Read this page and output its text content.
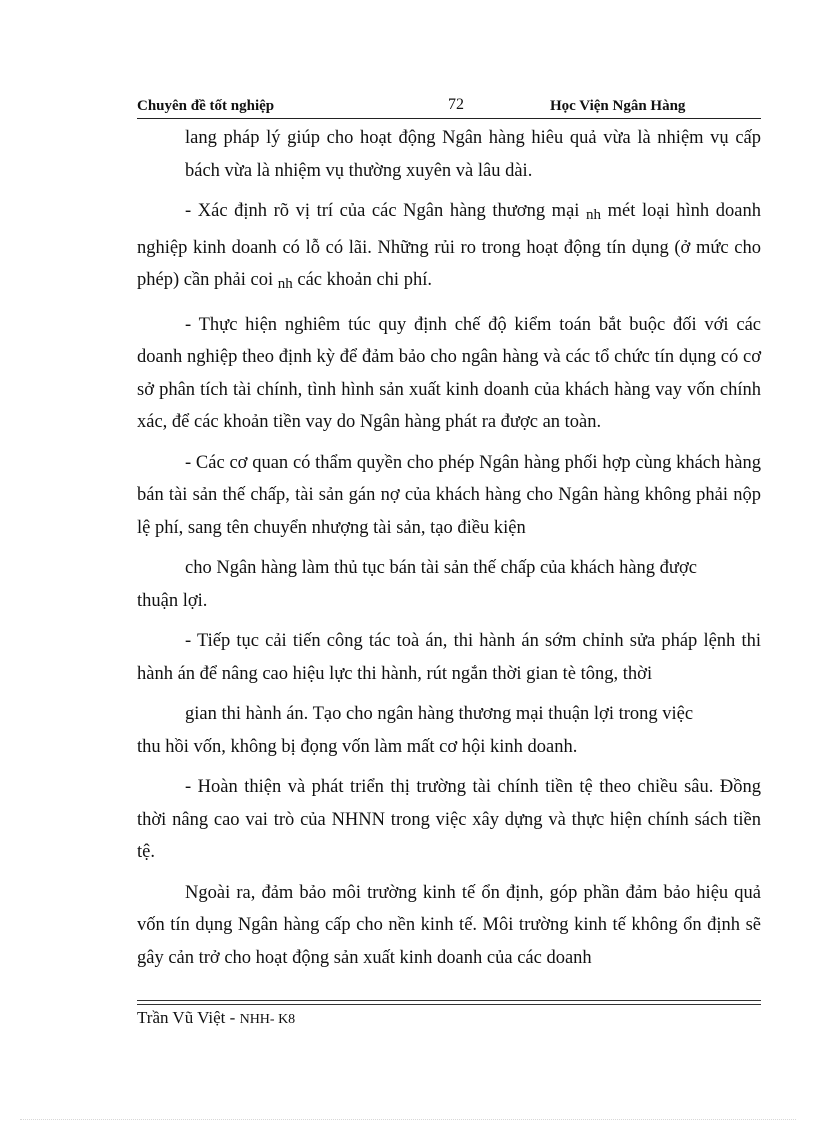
Chuyên đề tốt nghiệp	72	Học Viện Ngân Hàng

lang pháp lý giúp cho hoạt động Ngân hàng hiêu quả vừa là nhiệm vụ cấp bách vừa là nhiệm vụ thường xuyên và lâu dài.

- Xác định rõ vị trí của các Ngân hàng thương mại nh mét loại hình doanh nghiệp kinh doanh có lỗ có lãi. Những rủi ro trong hoạt động tín dụng (ở mức cho phép) cần phải coi nh các khoản chi phí.

- Thực hiện nghiêm túc quy định chế độ kiểm toán bắt buộc đối với các doanh nghiệp theo định kỳ để đảm bảo cho ngân hàng và các tổ chức tín dụng có cơ sở phân tích tài chính, tình hình sản xuất kinh doanh của khách hàng vay vốn chính xác, để các khoản tiền vay do Ngân hàng phát ra được an toàn.

- Các cơ quan có thẩm quyền cho phép Ngân hàng phối hợp cùng khách hàng bán tài sản thế chấp, tài sản gán nợ của khách hàng cho Ngân hàng không phải nộp lệ phí, sang tên chuyển nhượng tài sản, tạo điều kiện

cho Ngân hàng làm thủ tục bán tài sản thế chấp của khách hàng được

thuận lợi.

- Tiếp tục cải tiến công tác toà án, thi hành án sớm chỉnh sửa pháp lệnh thi hành án để nâng cao hiệu lực thi hành, rút ngắn thời gian tè tông, thời

gian thi hành án. Tạo cho ngân hàng thương mại thuận lợi trong việc

thu hồi vốn, không bị đọng vốn làm mất cơ hội kinh doanh.

- Hoàn thiện và phát triển thị trường tài chính tiền tệ theo chiều sâu. Đồng thời nâng cao vai trò của NHNN trong việc xây dựng và thực hiện chính sách tiền tệ.

Ngoài ra, đảm bảo môi trường kinh tế ổn định, góp phần đảm bảo hiệu quả vốn tín dụng Ngân hàng cấp cho nền kinh tế. Môi trường kinh tế không ổn định sẽ gây cản trở cho hoạt động sản xuất kinh doanh của các doanh

Trần Vũ Việt - NHH- K8
